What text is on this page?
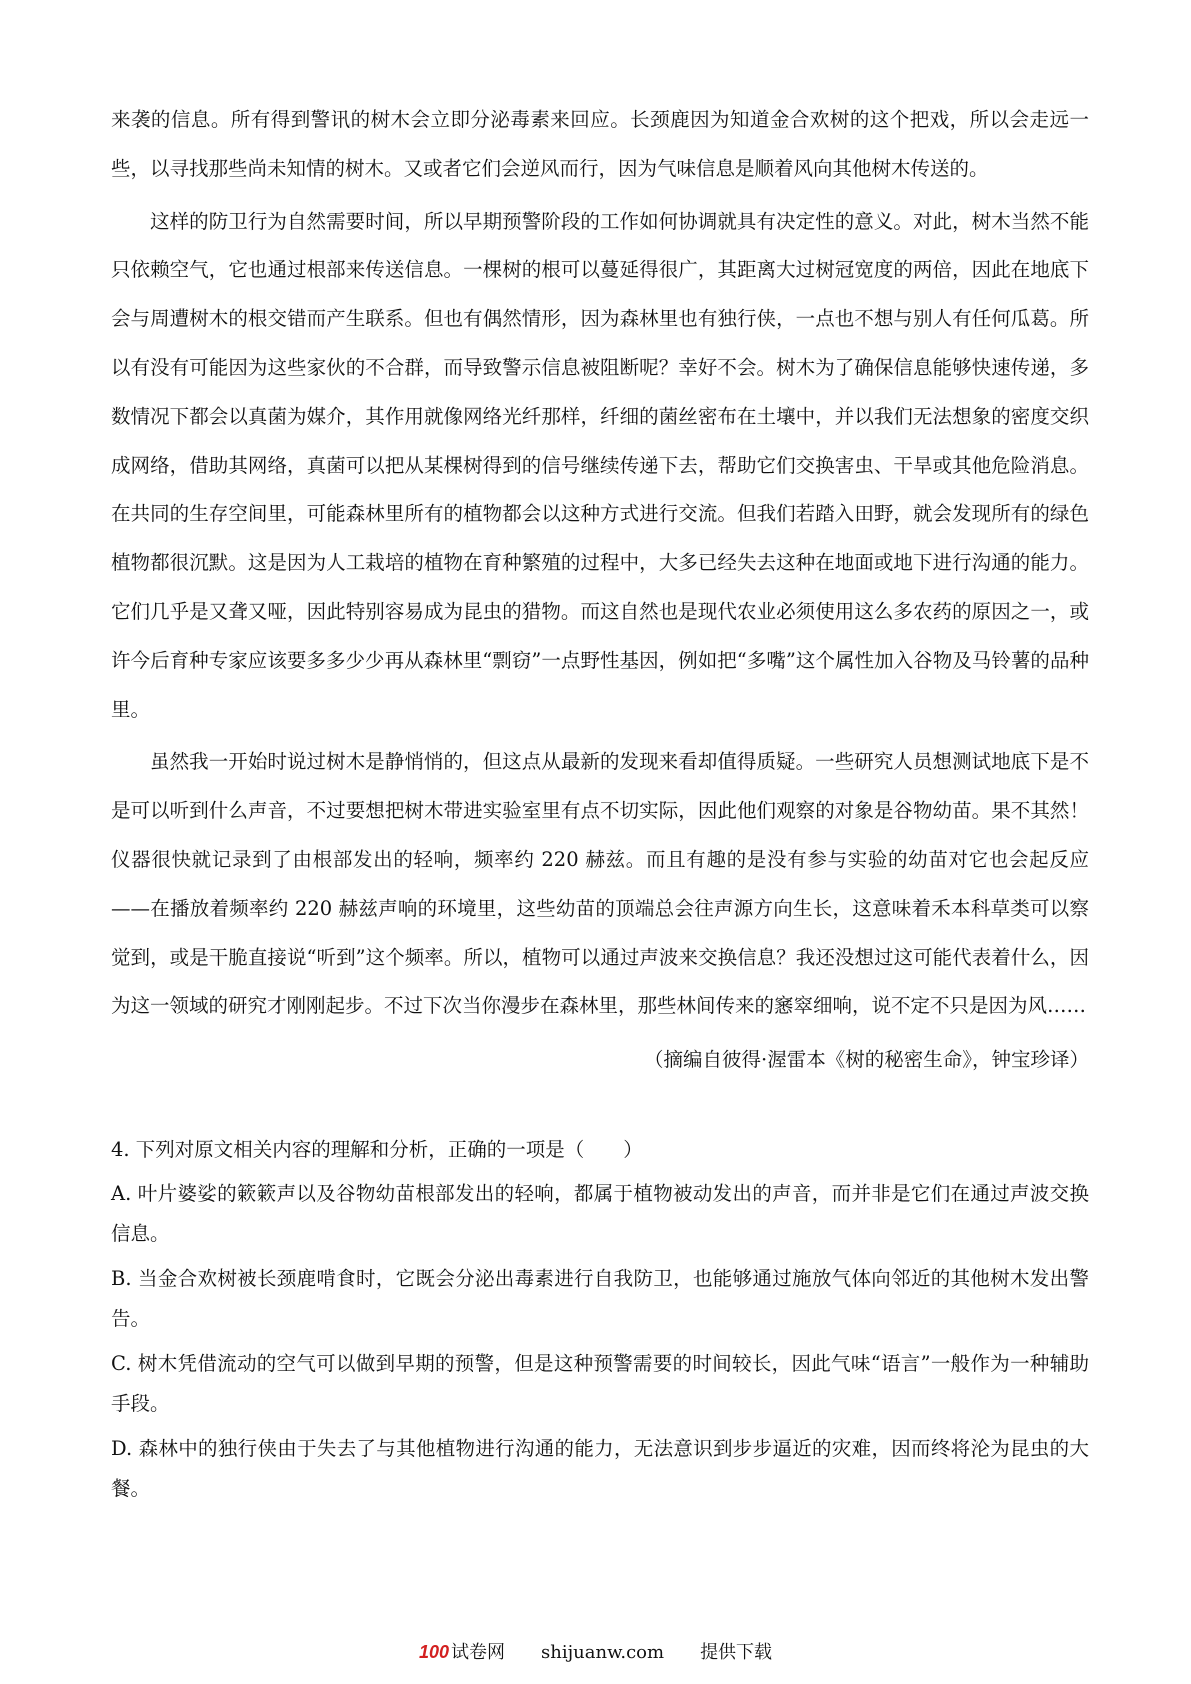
来袭的信息。所有得到警讯的树木会立即分泌毒素来回应。长颈鹿因为知道金合欢树的这个把戏，所以会走远一些，以寻找那些尚未知情的树木。又或者它们会逆风而行，因为气味信息是顺着风向其他树木传送的。

这样的防卫行为自然需要时间，所以早期预警阶段的工作如何协调就具有决定性的意义。对此，树木当然不能只依赖空气，它也通过根部来传送信息。一棵树的根可以蔓延得很广，其距离大过树冠宽度的两倍，因此在地底下会与周遭树木的根交错而产生联系。但也有偶然情形，因为森林里也有独行侠，一点也不想与别人有任何瓜葛。所以有没有可能因为这些家伙的不合群，而导致警示信息被阻断呢？幸好不会。树木为了确保信息能够快速传递，多数情况下都会以真菌为媒介，其作用就像网络光纤那样，纤细的菌丝密布在土壤中，并以我们无法想象的密度交织成网络，借助其网络，真菌可以把从某棵树得到的信号继续传递下去，帮助它们交换害虫、干旱或其他危险消息。在共同的生存空间里，可能森林里所有的植物都会以这种方式进行交流。但我们若踏入田野，就会发现所有的绿色植物都很沉默。这是因为人工栽培的植物在育种繁殖的过程中，大多已经失去这种在地面或地下进行沟通的能力。它们几乎是又聋又哑，因此特别容易成为昆虫的猎物。而这自然也是现代农业必须使用这么多农药的原因之一，或许今后育种专家应该要多多少少再从森林里“剽窃”一点野性基因，例如把“多嘴”这个属性加入谷物及马铃薯的品种里。

虽然我一开始时说过树木是静悄悄的，但这点从最新的发现来看却值得质疑。一些研究人员想测试地底下是不是可以听到什么声音，不过要想把树木带进实验室里有点不切实际，因此他们观察的对象是谷物幼苗。果不其然！仪器很快就记录到了由根部发出的轻响，频率约 220 赫兹。而且有趣的是没有参与实验的幼苗对它也会起反应——在播放着频率约 220 赫兹声响的环境里，这些幼苗的顶端总会往声源方向生长，这意味着禾本科草类可以察觉到，或是干脆直接说“听到”这个频率。所以，植物可以通过声波来交换信息？我还没想过这可能代表着什么，因为这一领域的研究才刚刚起步。不过下次当你漫步在森林里，那些林间传来的窸窣细响，说不定不只是因为风……

（摘编自彼得·渥雷本《树的秘密生命》，钟宝珍译）

4. 下列对原文相关内容的理解和分析，正确的一项是（　　）

A. 叶片婆娑的簌簌声以及谷物幼苗根部发出的轻响，都属于植物被动发出的声音，而并非是它们在通过声波交换信息。

B. 当金合欢树被长颈鹿啃食时，它既会分泌出毒素进行自我防卫，也能够通过施放气体向邻近的其他树木发出警告。

C. 树木凭借流动的空气可以做到早期的预警，但是这种预警需要的时间较长，因此气味“语言”一般作为一种辅助手段。

D. 森林中的独行侠由于失去了与其他植物进行沟通的能力，无法意识到步步逼近的灾难，因而终将沦为昆虫的大餐。

100 试卷网 shijuanw.com 提供下载
